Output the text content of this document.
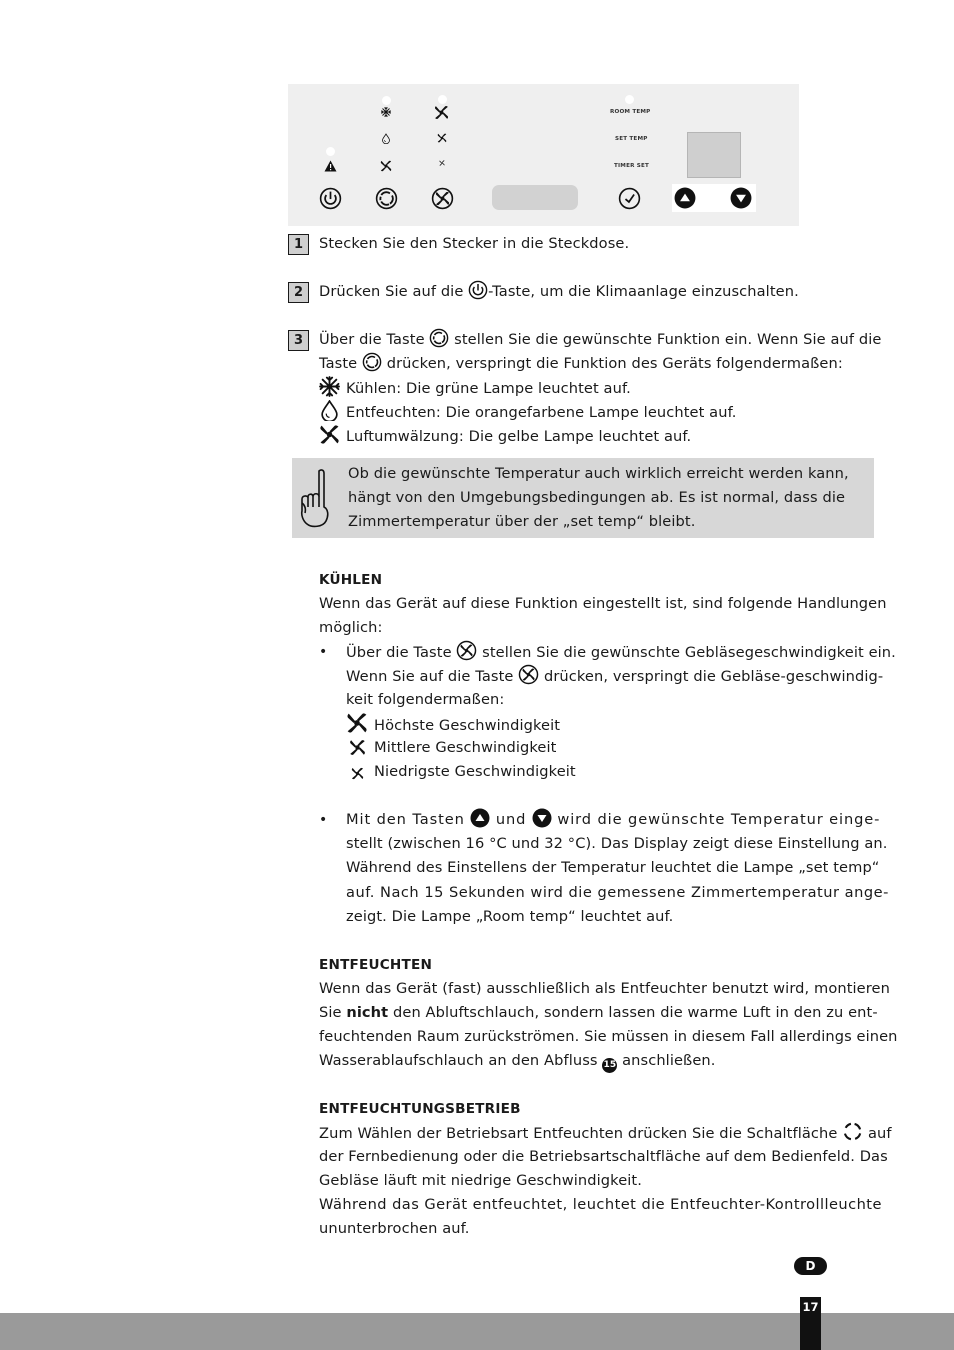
ROOM TEMP
SET TEMP
TIMER SET
1	Stecken Sie den Stecker in die Steckdose.
2	Drücken Sie auf die -Taste, um die Klimaanlage einzuschalten.
3	Über die Taste  stellen Sie die gewünschte Funktion ein. Wenn Sie auf die
Taste  drücken, verspringt die Funktion des Geräts folgendermaßen:
Kühlen: Die grüne Lampe leuchtet auf.
Entfeuchten: Die orangefarbene Lampe leuchtet auf.
Luftumwälzung: Die gelbe Lampe leuchtet auf.
Ob die gewünschte Temperatur auch wirklich erreicht werden kann,
hängt von den Umgebungsbedingungen ab. Es ist normal, dass die
Zimmertemperatur über der „set temp“ bleibt.
KÜHLEN
Wenn das Gerät auf diese Funktion eingestellt ist, sind folgende Handlungen
möglich:
• Über die Taste  stellen Sie die gewünschte Gebläsegeschwindigkeit ein.
Wenn Sie auf die Taste  drücken, verspringt die Gebläse-geschwindig-
keit folgendermaßen:
Höchste Geschwindigkeit
Mittlere Geschwindigkeit
Niedrigste Geschwindigkeit
• Mit den Tasten  und  wird die gewünschte Temperatur einge-
stellt (zwischen 16 °C und 32 °C). Das Display zeigt diese Einstellung an.
Während des Einstellens der Temperatur leuchtet die Lampe „set temp“
auf. Nach 15 Sekunden wird die gemessene Zimmertemperatur ange-
zeigt. Die Lampe „Room temp“ leuchtet auf.
ENTFEUCHTEN
Wenn das Gerät (fast) ausschließlich als Entfeuchter benutzt wird, montieren
Sie nicht den Abluftschlauch, sondern lassen die warme Luft in den zu ent-
feuchtenden Raum zurückströmen. Sie müssen in diesem Fall allerdings einen
Wasserablaufschlauch an den Abfluss 15 anschließen.
ENTFEUCHTUNGSBETRIEB
Zum Wählen der Betriebsart Entfeuchten drücken Sie die Schaltfläche  auf
der Fernbedienung oder die Betriebsartschaltfläche auf dem Bedienfeld. Das
Gebläse läuft mit niedrige Geschwindigkeit.
Während das Gerät entfeuchtet, leuchtet die Entfeuchter-Kontrollleuchte
ununterbrochen auf.
D
17
